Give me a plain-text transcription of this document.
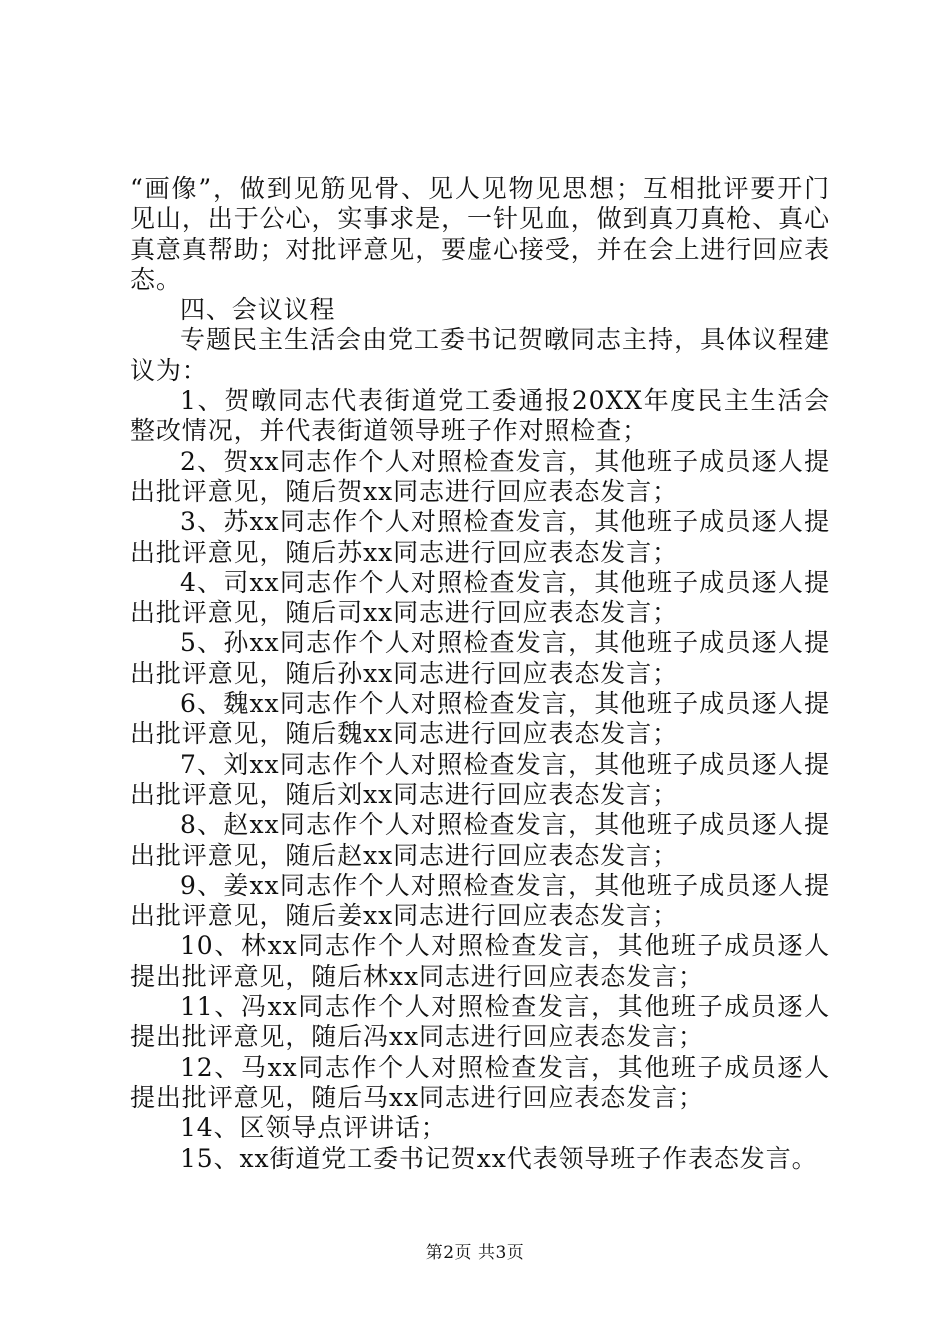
“画像”，做到见筋见骨、见人见物见思想；互相批评要开门见山，出于公心，实事求是，一针见血，做到真刀真枪、真心真意真帮助；对批评意见，要虚心接受，并在会上进行回应表态。

四、会议议程

专题民主生活会由党工委书记贺暾同志主持，具体议程建议为：

1、贺暾同志代表街道党工委通报20XX年度民主生活会整改情况，并代表街道领导班子作对照检查；

2、贺xx同志作个人对照检查发言，其他班子成员逐人提出批评意见，随后贺xx同志进行回应表态发言；

3、苏xx同志作个人对照检查发言，其他班子成员逐人提出批评意见，随后苏xx同志进行回应表态发言；

4、司xx同志作个人对照检查发言，其他班子成员逐人提出批评意见，随后司xx同志进行回应表态发言；

5、孙xx同志作个人对照检查发言，其他班子成员逐人提出批评意见，随后孙xx同志进行回应表态发言；

6、魏xx同志作个人对照检查发言，其他班子成员逐人提出批评意见，随后魏xx同志进行回应表态发言；

7、刘xx同志作个人对照检查发言，其他班子成员逐人提出批评意见，随后刘xx同志进行回应表态发言；

8、赵xx同志作个人对照检查发言，其他班子成员逐人提出批评意见，随后赵xx同志进行回应表态发言；

9、姜xx同志作个人对照检查发言，其他班子成员逐人提出批评意见，随后姜xx同志进行回应表态发言；

10、林xx同志作个人对照检查发言，其他班子成员逐人提出批评意见，随后林xx同志进行回应表态发言；

11、冯xx同志作个人对照检查发言，其他班子成员逐人提出批评意见，随后冯xx同志进行回应表态发言；

12、马xx同志作个人对照检查发言，其他班子成员逐人提出批评意见，随后马xx同志进行回应表态发言；

14、区领导点评讲话；

15、xx街道党工委书记贺xx代表领导班子作表态发言。

第2页 共3页
